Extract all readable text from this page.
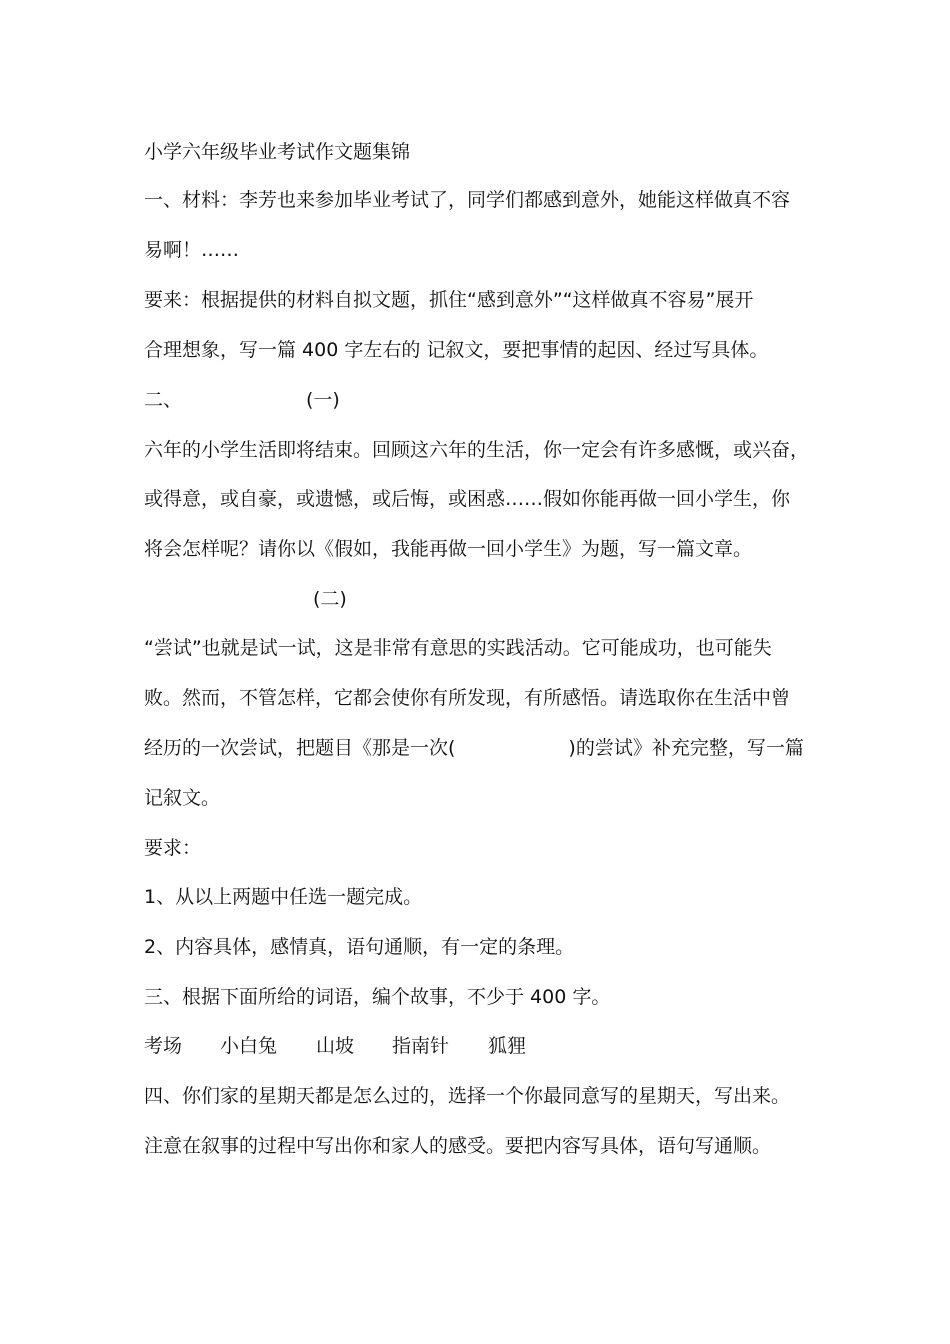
小学六年级毕业考试作文题集锦
一、材料：李芳也来参加毕业考试了，同学们都感到意外，她能这样做真不容
易啊！……
要来：根据提供的材料自拟文题，抓住“感到意外”“这样做真不容易”展开
合理想象，写一篇 400 字左右的 记叙文，要把事情的起因、经过写具体。
二、	(一)
六年的小学生活即将结束。回顾这六年的生活，你一定会有许多感慨，或兴奋，
或得意，或自豪，或遗憾，或后悔，或困惑……假如你能再做一回小学生，你
将会怎样呢？请你以《假如，我能再做一回小学生》为题，写一篇文章。
(二)
“尝试”也就是试一试，这是非常有意思的实践活动。它可能成功，也可能失
败。然而，不管怎样，它都会使你有所发现，有所感悟。请选取你在生活中曾
经历的一次尝试，把题目《那是一次(	)的尝试》补充完整，写一篇
记叙文。
要求：
1、从以上两题中任选一题完成。
2、内容具体，感情真，语句通顺，有一定的条理。
三、根据下面所给的词语，编个故事，不少于 400 字。
考场 小白兔 山坡 指南针 狐狸
四、你们家的星期天都是怎么过的，选择一个你最同意写的星期天，写出来。
注意在叙事的过程中写出你和家人的感受。要把内容写具体，语句写通顺。
